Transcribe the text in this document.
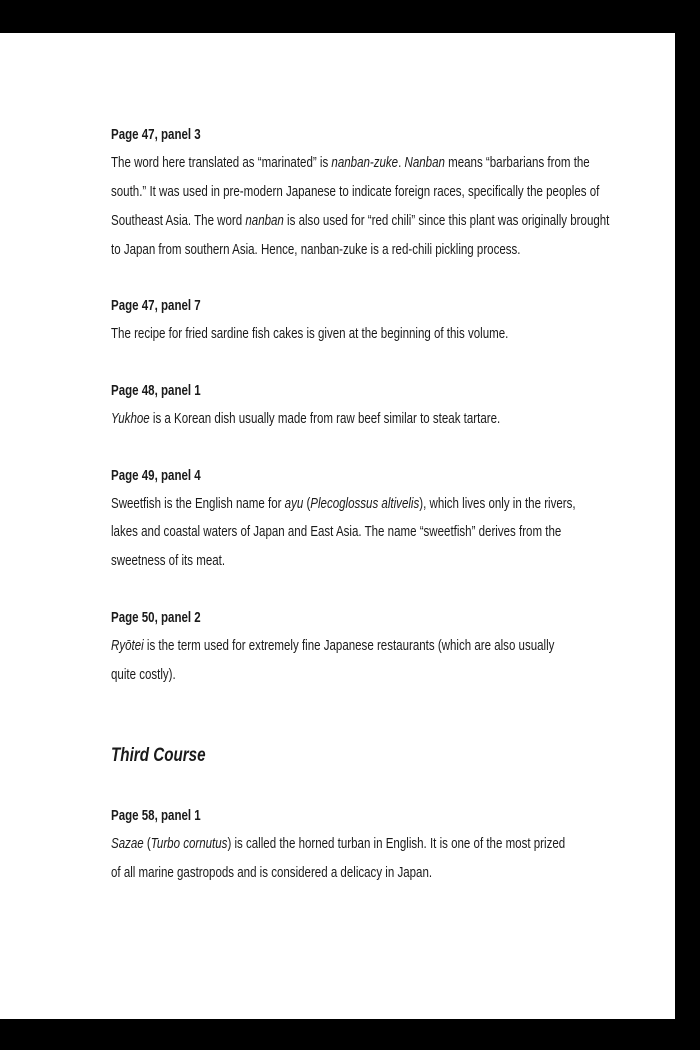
Page 47, panel 3
The word here translated as “marinated” is nanban-zuke. Nanban means “barbarians from the
south.” It was used in pre-modern Japanese to indicate foreign races, specifically the peoples of
Southeast Asia. The word nanban is also used for “red chili” since this plant was originally brought
to Japan from southern Asia. Hence, nanban-zuke is a red-chili pickling process.
Page 47, panel 7
The recipe for fried sardine fish cakes is given at the beginning of this volume.
Page 48, panel 1
Yukhoe is a Korean dish usually made from raw beef similar to steak tartare.
Page 49, panel 4
Sweetfish is the English name for ayu (Plecoglossus altivelis), which lives only in the rivers,
lakes and coastal waters of Japan and East Asia. The name “sweetfish” derives from the
sweetness of its meat.
Page 50, panel 2
Ryōtei is the term used for extremely fine Japanese restaurants (which are also usually
quite costly).
Third Course
Page 58, panel 1
Sazae (Turbo cornutus) is called the horned turban in English. It is one of the most prized
of all marine gastropods and is considered a delicacy in Japan.
